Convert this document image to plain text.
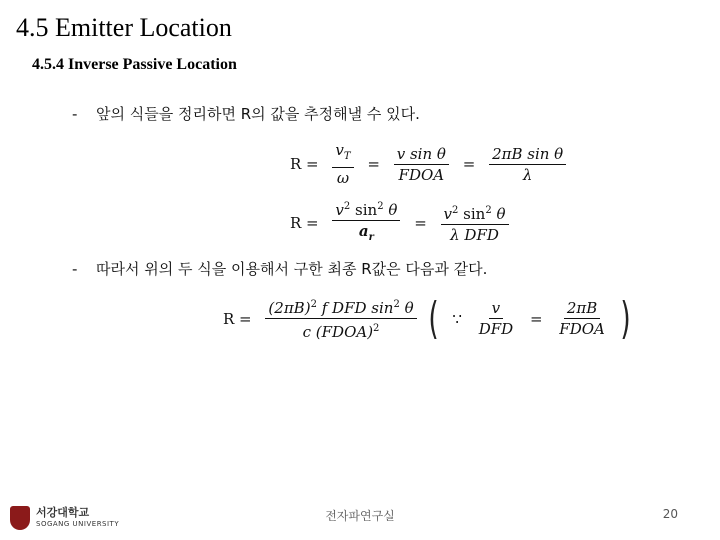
4.5 Emitter Location
4.5.4 Inverse Passive Location
- 앞의 식들을 정리하면 R의 값을 추정해낼 수 있다.
$R = \frac{v_T}{\omega} = \frac{\text{v sin θ}}{\text{FDOA}} = \frac{\text{2πB sin θ}}{\lambda}$
$R = \frac{v^2 \sin^2 \theta}{a_r} = \frac{v^2 \sin^2 \theta}{\text{λ DFD}}$
- 따라서 위의 두 식을 이용해서 구한 최종 R값은 다음과 같다.
$R = \frac{(2\pi B)^2 f DFD \sin^2 \theta}{c (FDOA)^2}$ ( ∵ $\frac{v}{\text{DFD}} = \frac{2\pi B}{\text{FDOA}}$ )
서강대학교
SOGANG UNIVERSITY
전자파연구실	20
